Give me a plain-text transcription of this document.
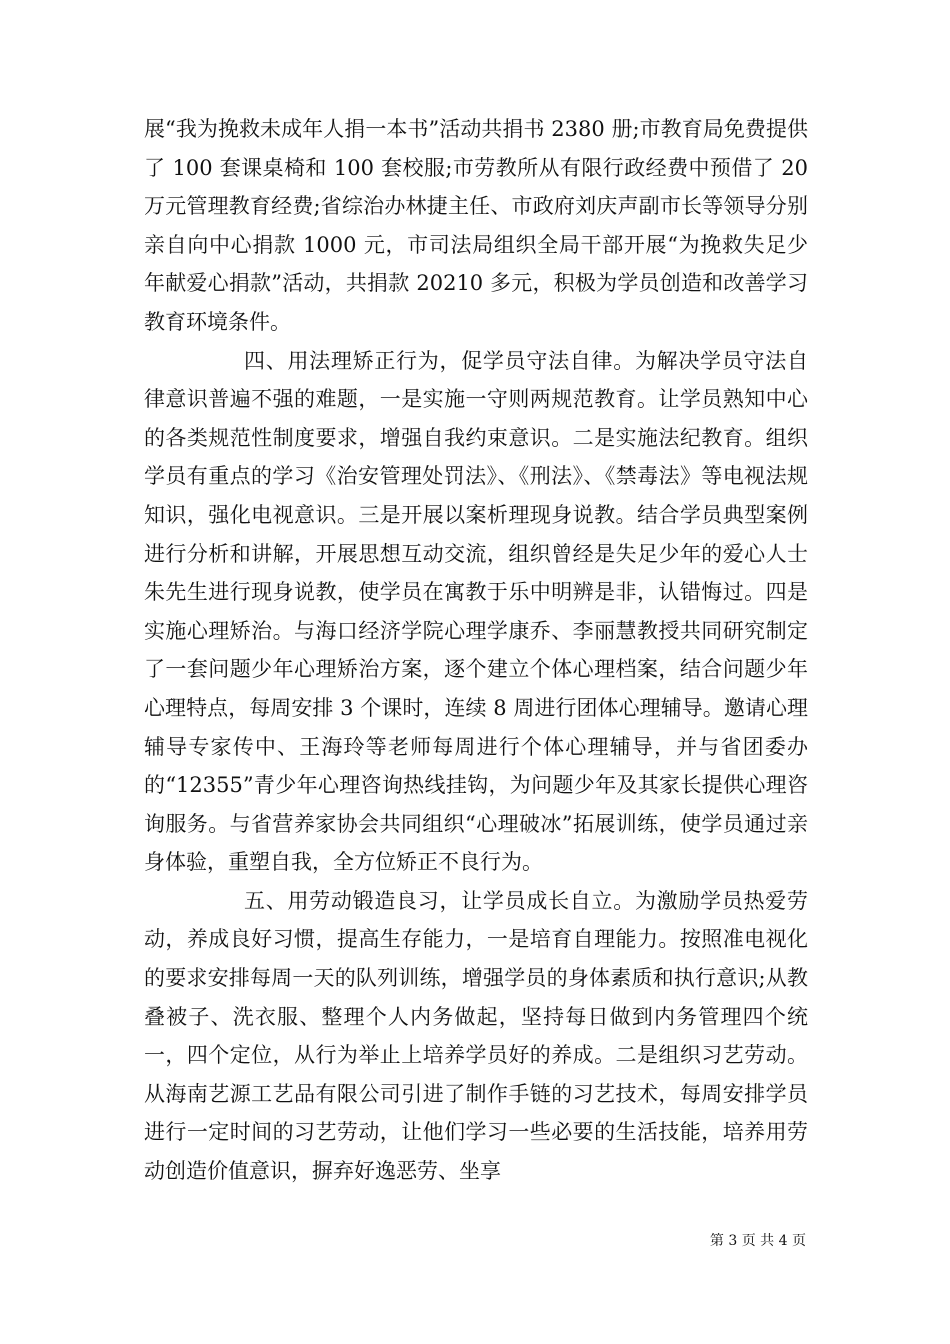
展“我为挽救未成年人捐一本书”活动共捐书 2380 册;市教育局免费提供了 100 套课桌椅和 100 套校服;市劳教所从有限行政经费中预借了 20 万元管理教育经费;省综治办林捷主任、市政府刘庆声副市长等领导分别亲自向中心捐款 1000 元，市司法局组织全局干部开展“为挽救失足少年献爱心捐款”活动，共捐款 20210 多元，积极为学员创造和改善学习教育环境条件。

四、用法理矫正行为，促学员守法自律。为解决学员守法自律意识普遍不强的难题，一是实施一守则两规范教育。让学员熟知中心的各类规范性制度要求，增强自我约束意识。二是实施法纪教育。组织学员有重点的学习《治安管理处罚法》、《刑法》、《禁毒法》等电视法规知识，强化电视意识。三是开展以案析理现身说教。结合学员典型案例进行分析和讲解，开展思想互动交流，组织曾经是失足少年的爱心人士朱先生进行现身说教，使学员在寓教于乐中明辨是非，认错悔过。四是实施心理矫治。与海口经济学院心理学康乔、李丽慧教授共同研究制定了一套问题少年心理矫治方案，逐个建立个体心理档案，结合问题少年心理特点，每周安排 3 个课时，连续 8 周进行团体心理辅导。邀请心理辅导专家传中、王海玲等老师每周进行个体心理辅导，并与省团委办的“12355”青少年心理咨询热线挂钩，为问题少年及其家长提供心理咨询服务。与省营养家协会共同组织“心理破冰”拓展训练，使学员通过亲身体验，重塑自我，全方位矫正不良行为。

五、用劳动锻造良习，让学员成长自立。为激励学员热爱劳动，养成良好习惯，提高生存能力，一是培育自理能力。按照准电视化的要求安排每周一天的队列训练，增强学员的身体素质和执行意识;从教叠被子、洗衣服、整理个人内务做起，坚持每日做到内务管理四个统一，四个定位，从行为举止上培养学员好的养成。二是组织习艺劳动。从海南艺源工艺品有限公司引进了制作手链的习艺技术，每周安排学员进行一定时间的习艺劳动，让他们学习一些必要的生活技能，培养用劳动创造价值意识，摒弃好逸恶劳、坐享

第 3 页 共 4 页
